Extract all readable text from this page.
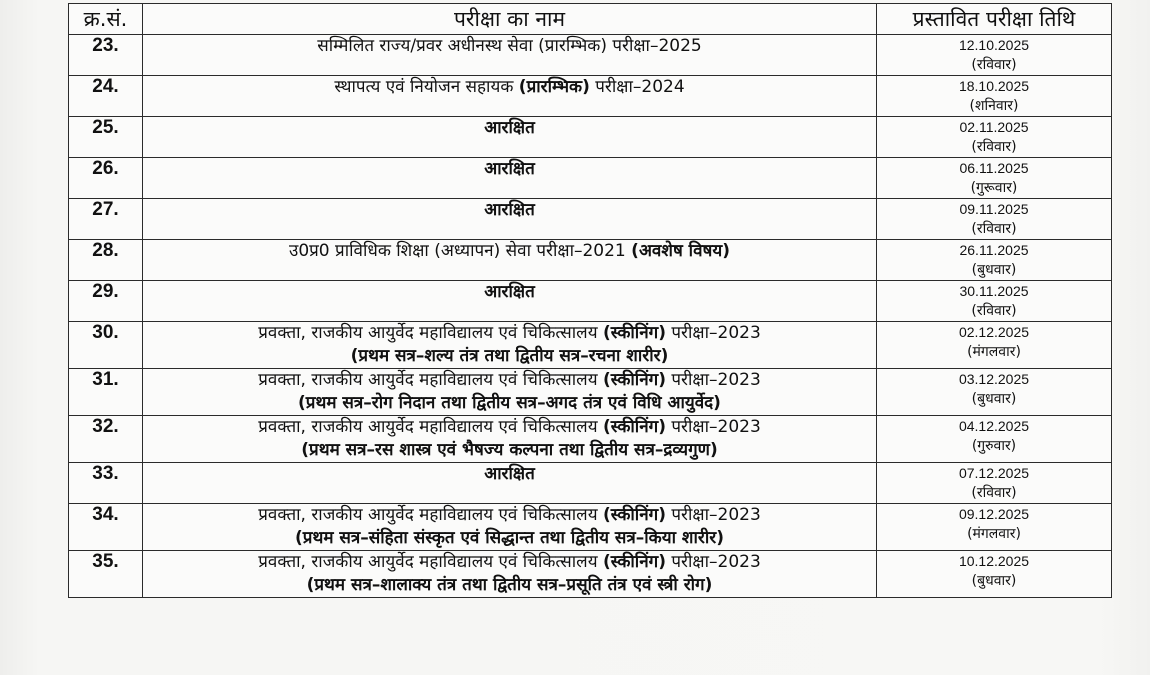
क्र.सं.	परीक्षा का नाम	प्रस्तावित परीक्षा तिथि
23.	सम्मिलित राज्य/प्रवर अधीनस्थ सेवा (प्रारम्भिक) परीक्षा–2025	12.10.2025
(रविवार)

24.	स्थापत्य एवं नियोजन सहायक (प्रारम्भिक) परीक्षा–2024	18.10.2025
(शनिवार)

25.	आरक्षित	02.11.2025
(रविवार)

26.	आरक्षित	06.11.2025
(गुरूवार)

27.	आरक्षित	09.11.2025
(रविवार)

28.	उ0प्र0 प्राविधिक शिक्षा (अध्यापन) सेवा परीक्षा–2021 (अवशेष विषय)	26.11.2025
(बुधवार)

29.	आरक्षित	30.11.2025
(रविवार)

30.	प्रवक्ता, राजकीय आयुर्वेद महाविद्यालय एवं चिकित्सालय (स्कीनिंग) परीक्षा–2023
(प्रथम सत्र–शल्य तंत्र तथा द्वितीय सत्र–रचना शारीर)	02.12.2025
(मंगलवार)

31.	प्रवक्ता, राजकीय आयुर्वेद महाविद्यालय एवं चिकित्सालय (स्कीनिंग) परीक्षा–2023
(प्रथम सत्र–रोग निदान तथा द्वितीय सत्र–अगद तंत्र एवं विधि आयुर्वेद)	03.12.2025
(बुधवार)

32.	प्रवक्ता, राजकीय आयुर्वेद महाविद्यालय एवं चिकित्सालय (स्कीनिंग) परीक्षा–2023
(प्रथम सत्र–रस शास्त्र एवं भैषज्य कल्पना तथा द्वितीय सत्र–द्रव्यगुण)	04.12.2025
(गुरुवार)

33.	आरक्षित	07.12.2025
(रविवार)

34.	प्रवक्ता, राजकीय आयुर्वेद महाविद्यालय एवं चिकित्सालय (स्कीनिंग) परीक्षा–2023
(प्रथम सत्र–संहिता संस्कृत एवं सिद्धान्त तथा द्वितीय सत्र–किया शारीर)	09.12.2025
(मंगलवार)

35.	प्रवक्ता, राजकीय आयुर्वेद महाविद्यालय एवं चिकित्सालय (स्कीनिंग) परीक्षा–2023
(प्रथम सत्र–शालाक्य तंत्र तथा द्वितीय सत्र–प्रसूति तंत्र एवं स्त्री रोग)	10.12.2025
(बुधवार)
